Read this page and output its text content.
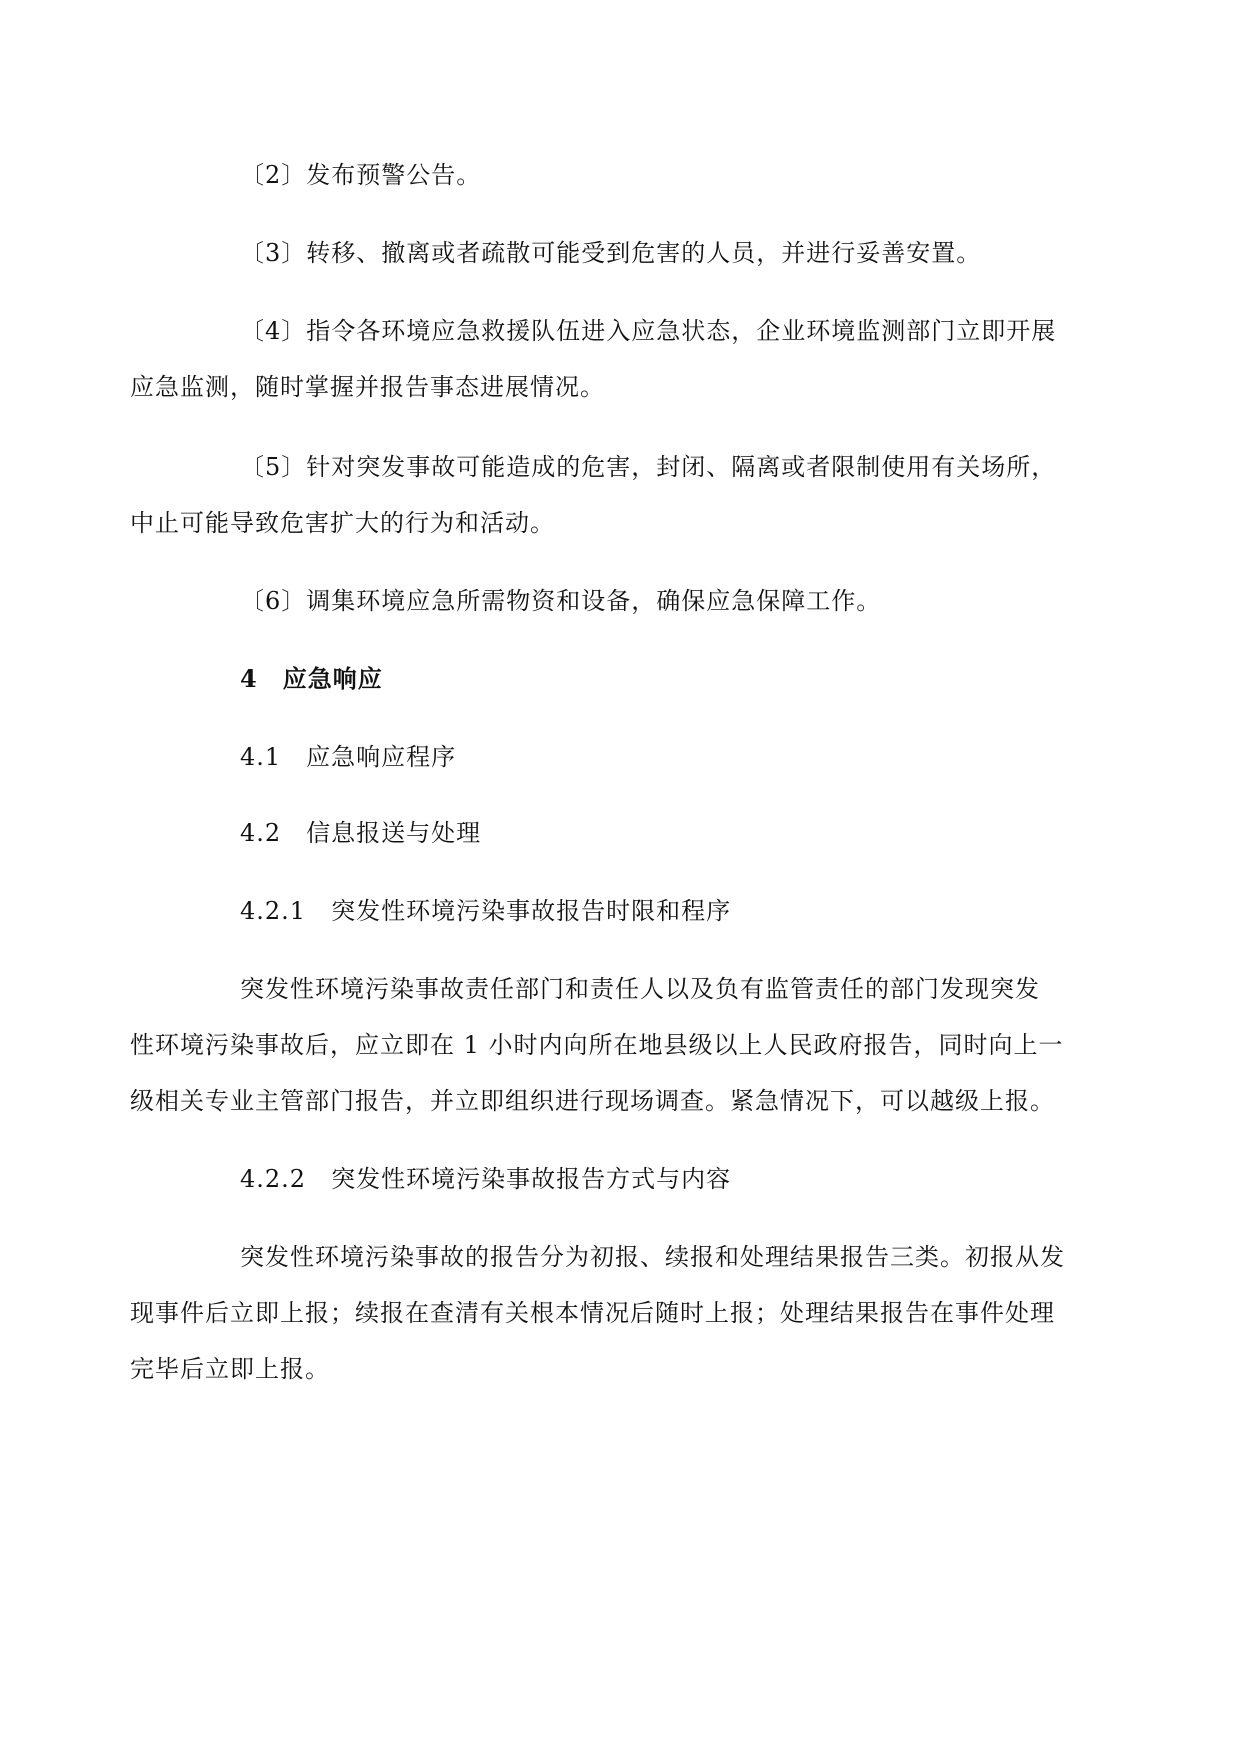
〔2〕发布预警公告。
〔3〕转移、撤离或者疏散可能受到危害的人员，并进行妥善安置。
〔4〕指令各环境应急救援队伍进入应急状态，企业环境监测部门立即开展
应急监测，随时掌握并报告事态进展情况。
〔5〕针对突发事故可能造成的危害，封闭、隔离或者限制使用有关场所，
中止可能导致危害扩大的行为和活动。
〔6〕调集环境应急所需物资和设备，确保应急保障工作。
4　应急响应
4.1　应急响应程序
4.2　信息报送与处理
4.2.1　突发性环境污染事故报告时限和程序
突发性环境污染事故责任部门和责任人以及负有监管责任的部门发现突发
性环境污染事故后，应立即在 1 小时内向所在地县级以上人民政府报告，同时向上一
级相关专业主管部门报告，并立即组织进行现场调查。紧急情况下，可以越级上报。
4.2.2　突发性环境污染事故报告方式与内容
突发性环境污染事故的报告分为初报、续报和处理结果报告三类。初报从发
现事件后立即上报；续报在查清有关根本情况后随时上报；处理结果报告在事件处理
完毕后立即上报。
